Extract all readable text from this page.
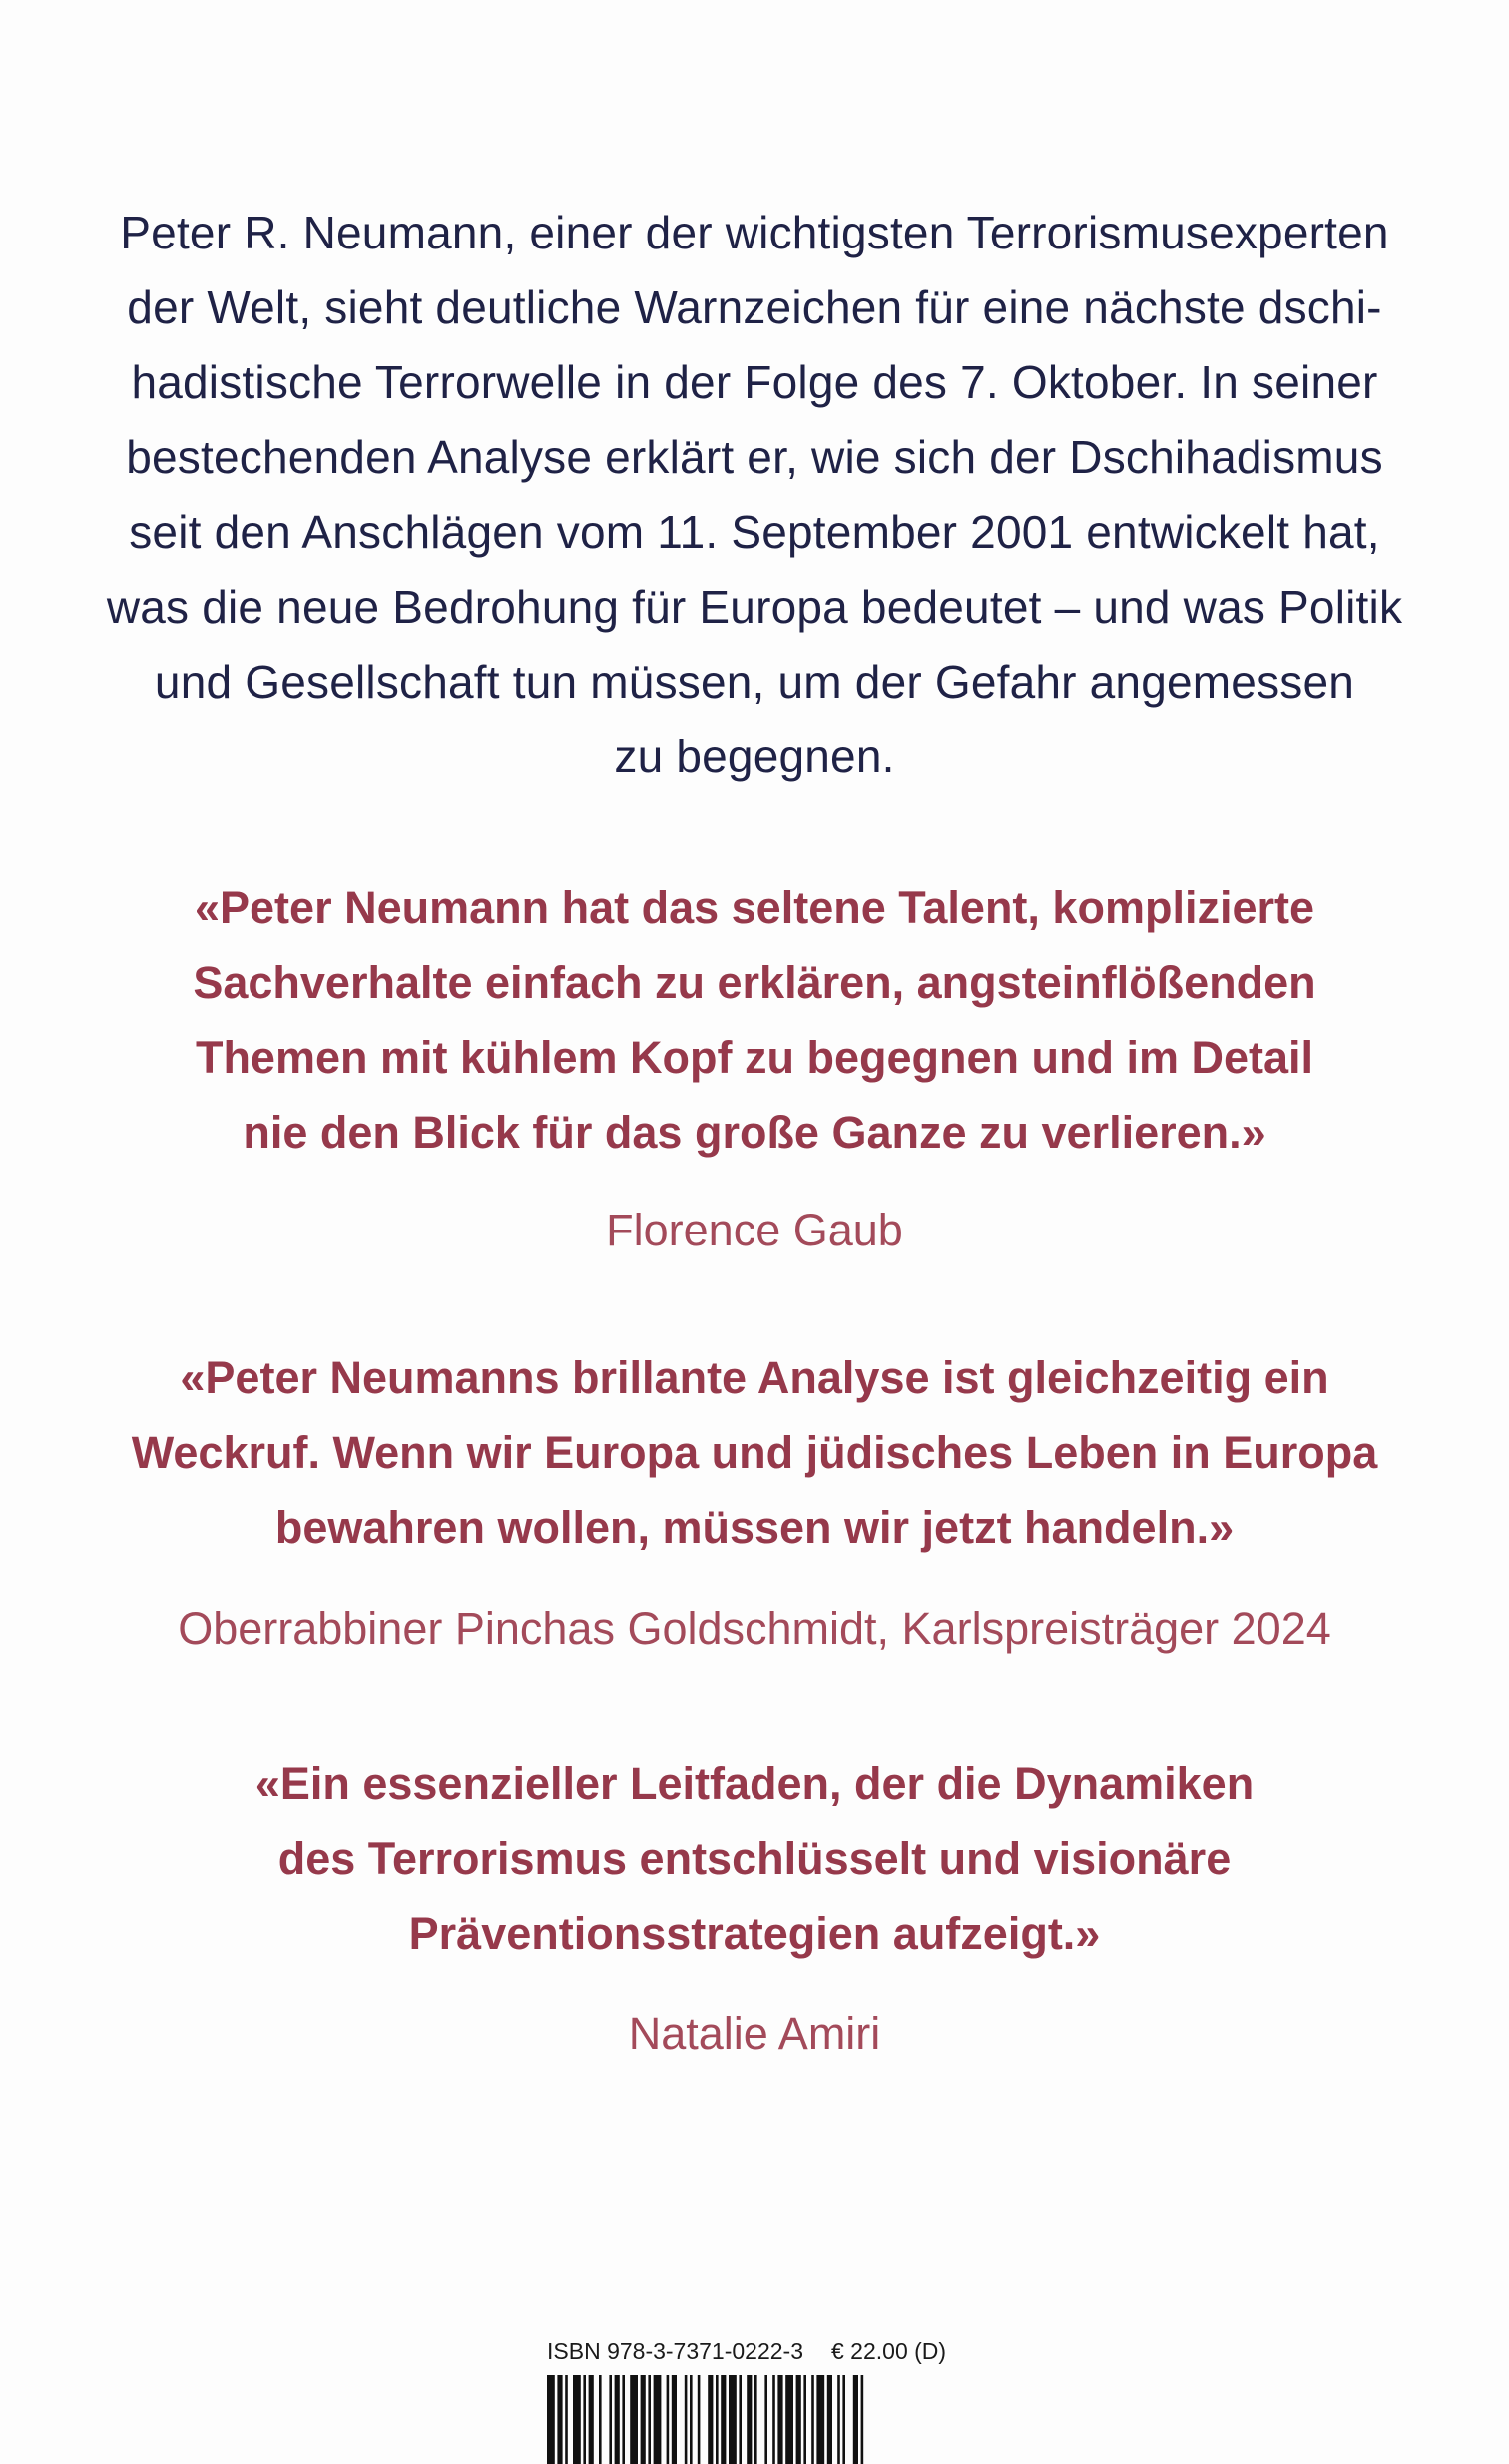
Peter R. Neumann, einer der wichtigsten Terrorismusexperten
der Welt, sieht deutliche Warnzeichen für eine nächste dschi-
hadistische Terrorwelle in der Folge des 7. Oktober. In seiner
bestechenden Analyse erklärt er, wie sich der Dschihadismus
seit den Anschlägen vom 11. September 2001 entwickelt hat,
was die neue Bedrohung für Europa bedeutet – und was Politik
und Gesellschaft tun müssen, um der Gefahr angemessen
zu begegnen.
«Peter Neumann hat das seltene Talent, komplizierte
Sachverhalte einfach zu erklären, angsteinflößenden
Themen mit kühlem Kopf zu begegnen und im Detail
nie den Blick für das große Ganze zu verlieren.»
Florence Gaub
«Peter Neumanns brillante Analyse ist gleichzeitig ein
Weckruf. Wenn wir Europa und jüdisches Leben in Europa
bewahren wollen, müssen wir jetzt handeln.»
Oberrabbiner Pinchas Goldschmidt, Karlspreisträger 2024
«Ein essenzieller Leitfaden, der die Dynamiken
des Terrorismus entschlüsselt und visionäre
Präventionsstrategien aufzeigt.»
Natalie Amiri
ISBN 978-3-7371-0222-3 € 22.00 (D)
